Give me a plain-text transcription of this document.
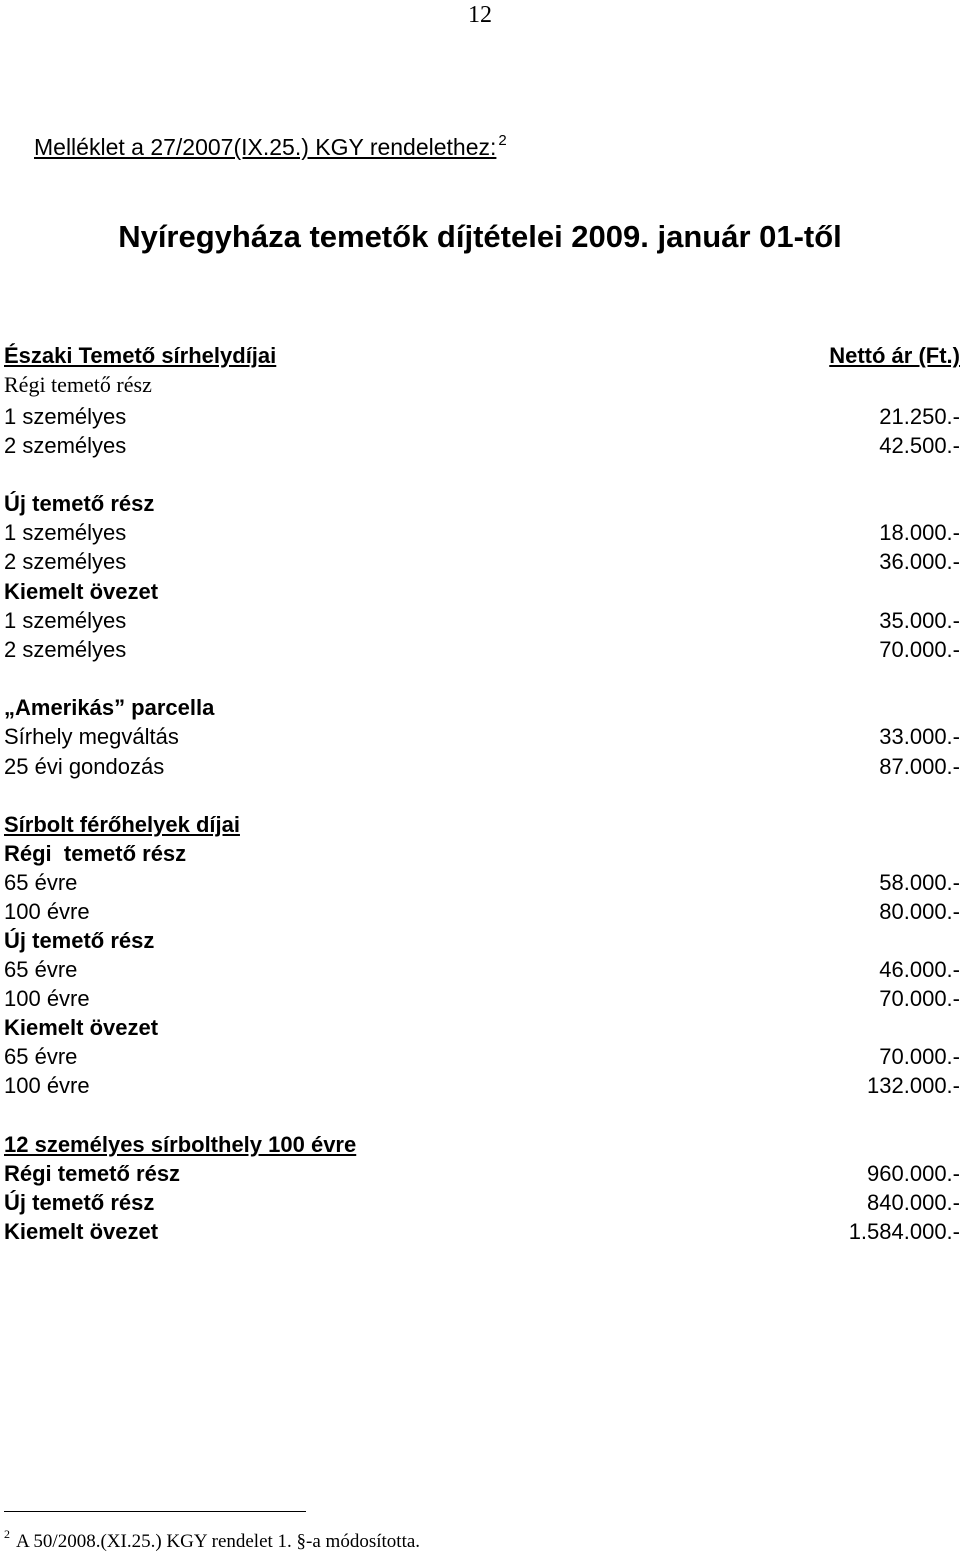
12
Melléklet a 27/2007(IX.25.) KGY rendelethez: $^2$
Nyíregyháza temetők díjtételei 2009. január 01-től
Északi Temető sírhelydíjai	Nettó ár (Ft.)
Régi temető rész
1 személyes	21.250.-
2 személyes	42.500.-
Új temető rész
1 személyes	18.000.-
2 személyes	36.000.-
Kiemelt övezet
1 személyes	35.000.-
2 személyes	70.000.-
„Amerikás” parcella
Sírhely megváltás	33.000.-
25 évi gondozás	87.000.-
Sírbolt férőhelyek díjai
Régi  temető rész
65 évre	58.000.-
100 évre	80.000.-
Új temető rész
65 évre	46.000.-
100 évre	70.000.-
Kiemelt övezet
65 évre	70.000.-
100 évre	132.000.-
12 személyes sírbolthely 100 évre
Régi temető rész	960.000.-
Új temető rész	840.000.-
Kiemelt övezet	1.584.000.-
$^2$ A 50/2008.(XI.25.) KGY rendelet 1. §-a módosította.
